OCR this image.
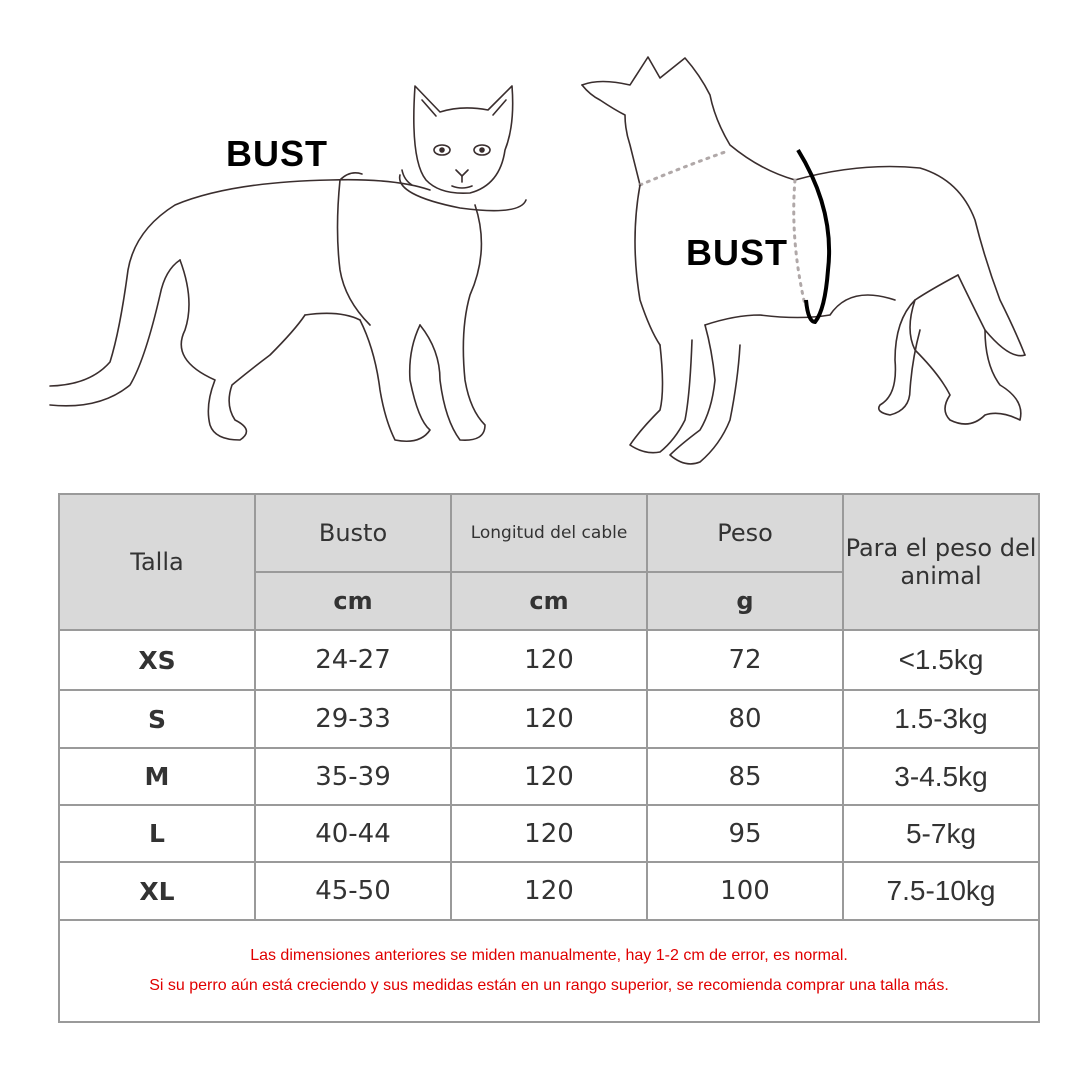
BUST
BUST
Talla	Busto	Longitud del cable	Peso	Para el peso del animal
	cm	cm	g	
XS	24-27	120	72	<1.5kg
S	29-33	120	80	1.5-3kg
M	35-39	120	85	3-4.5kg
L	40-44	120	95	5-7kg
XL	45-50	120	100	7.5-10kg

Las dimensiones anteriores se miden manualmente, hay 1-2 cm de error, es normal.
Si su perro aún está creciendo y sus medidas están en un rango superior, se recomienda comprar una talla más.				
